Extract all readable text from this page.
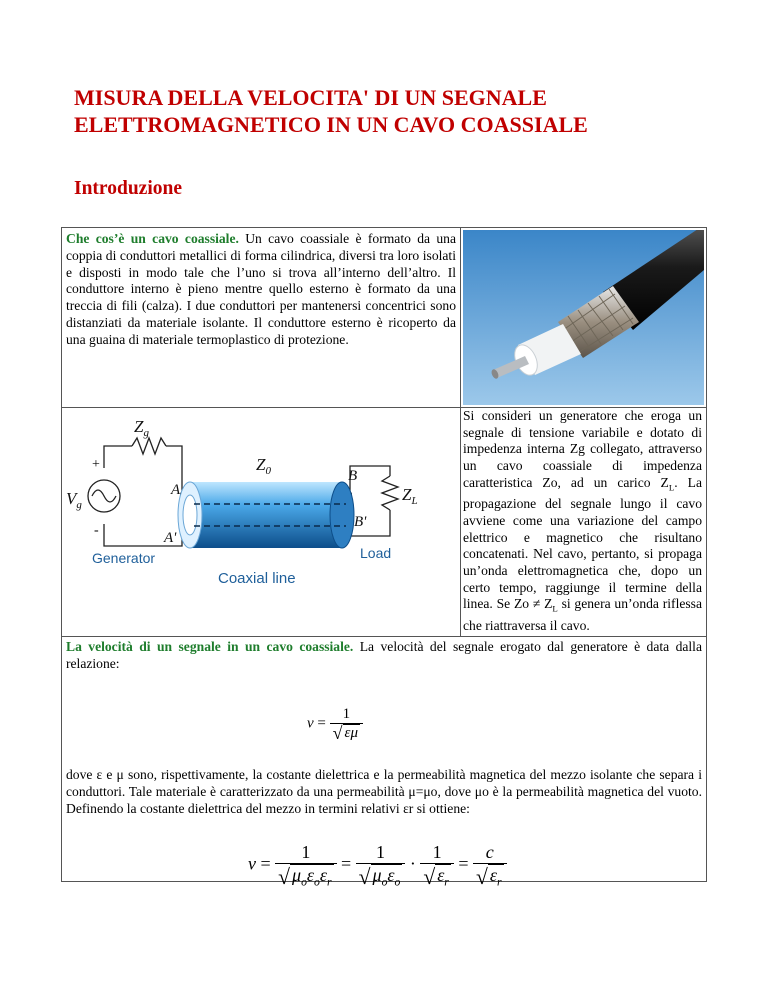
MISURA DELLA VELOCITA' DI UN SEGNALE
ELETTROMAGNETICO IN UN CAVO COASSIALE
Introduzione

Che cos’è un cavo coassiale. Un cavo coassiale è formato da una coppia di conduttori metallici di forma cilindrica, diversi tra loro isolati e disposti in modo tale che l’uno si trova all’interno dell’altro. Il conduttore interno è pieno mentre quello esterno è formato da una treccia di fili (calza). I due conduttori per mantenersi concentrici sono distanziati da materiale isolante. Il conduttore esterno è ricoperto da una guaina di materiale termoplastico di protezione.

$Z_g$
$V_g$
$Z_0$
$Z_L$
A
A'
B
B'
+
-
Generator	Load
Coaxial line

Si consideri un generatore che eroga un segnale di tensione variabile e dotato di impedenza interna Zg collegato, attraverso un cavo coassiale di impedenza caratteristica Zo, ad un carico $Z_L$. La propagazione del segnale lungo il cavo avviene come una variazione del campo elettrico e magnetico che risultano concatenati. Nel cavo, pertanto, si propaga un’onda elettromagnetica che, dopo un certo tempo, raggiunge il termine della linea. Se $Zo \ne Z_L$ si genera un’onda riflessa che riattraversa il cavo.

La velocità di un segnale in un cavo coassiale. La velocità del segnale erogato dal generatore è data dalla relazione:

$v = \frac{1}{√ \varepsilon\mu}$

dove ε e μ sono, rispettivamente, la costante dielettrica e la permeabilità magnetica del mezzo isolante che separa i conduttori. Tale materiale è caratterizzato da una permeabilità μ=μo, dove μo è la permeabilità magnetica del vuoto. Definendo la costante dielettrica del mezzo in termini relativi εr si ottiene:

$v = \frac{1}{√ \mu_o\varepsilon_o\varepsilon_r} = \frac{1}{√ \mu_o\varepsilon_o} \cdot \frac{1}{√ \varepsilon_r} = \frac{c}{√ \varepsilon_r}$
